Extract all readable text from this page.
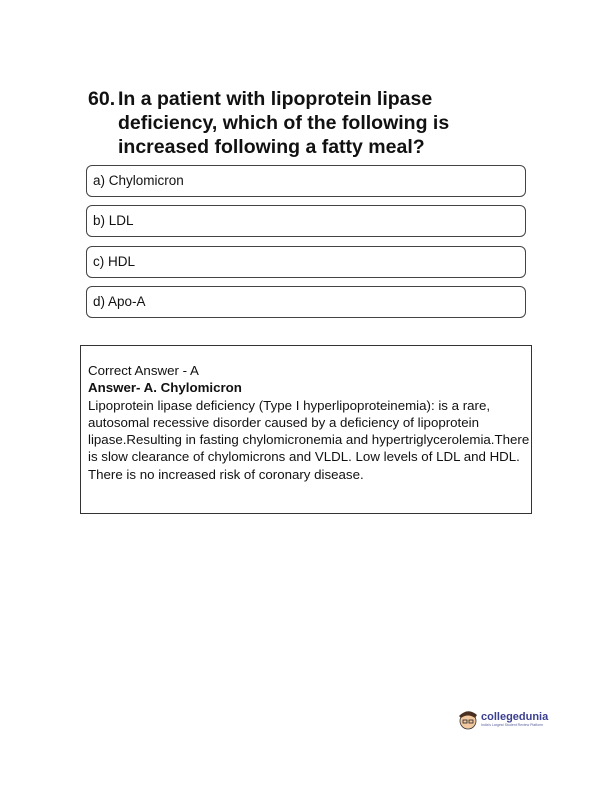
60. In a patient with lipoprotein lipase deficiency, which of the following is increased following a fatty meal?
a) Chylomicron
b) LDL
c) HDL
d) Apo-A
Correct Answer - A
Answer- A. Chylomicron
Lipoprotein lipase deficiency (Type I hyperlipoproteinemia): is a rare, autosomal recessive disorder caused by a deficiency of lipoprotein lipase.Resulting in fasting chylomicronemia and hypertriglycerolemia.There is slow clearance of chylomicrons and VLDL. Low levels of LDL and HDL. There is no increased risk of coronary disease.
collegedunia
India's Largest Student Review Platform
